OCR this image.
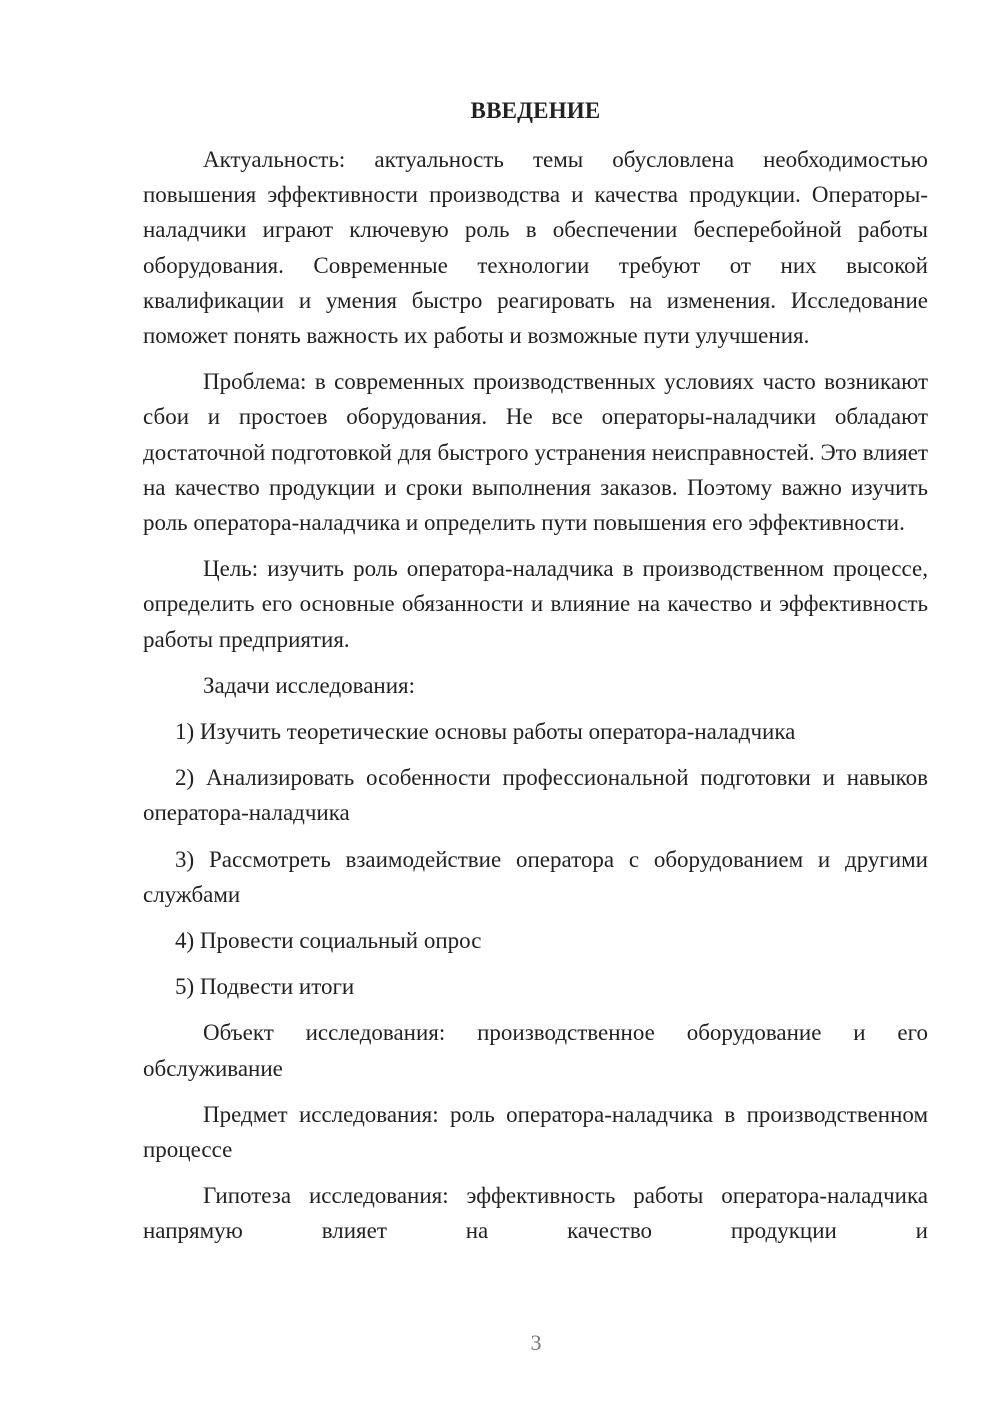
ВВЕДЕНИЕ

Актуальность: актуальность темы обусловлена необходимостью повышения эффективности производства и качества продукции. Операторы-наладчики играют ключевую роль в обеспечении бесперебойной работы оборудования. Современные технологии требуют от них высокой квалификации и умения быстро реагировать на изменения. Исследование поможет понять важность их работы и возможные пути улучшения.

Проблема: в современных производственных условиях часто возникают сбои и простоев оборудования. Не все операторы-наладчики обладают достаточной подготовкой для быстрого устранения неисправностей. Это влияет на качество продукции и сроки выполнения заказов. Поэтому важно изучить роль оператора-наладчика и определить пути повышения его эффективности.

Цель: изучить роль оператора-наладчика в производственном процессе, определить его основные обязанности и влияние на качество и эффективность работы предприятия.

Задачи исследования:

1) Изучить теоретические основы работы оператора-наладчика

2) Анализировать особенности профессиональной подготовки и навыков оператора-наладчика

3) Рассмотреть взаимодействие оператора с оборудованием и другими службами

4) Провести социальный опрос

5) Подвести итоги

Объект исследования: производственное оборудование и его обслуживание

Предмет исследования: роль оператора-наладчика в производственном процессе

Гипотеза исследования: эффективность работы оператора-наладчика напрямую влияет на качество продукции и

3
